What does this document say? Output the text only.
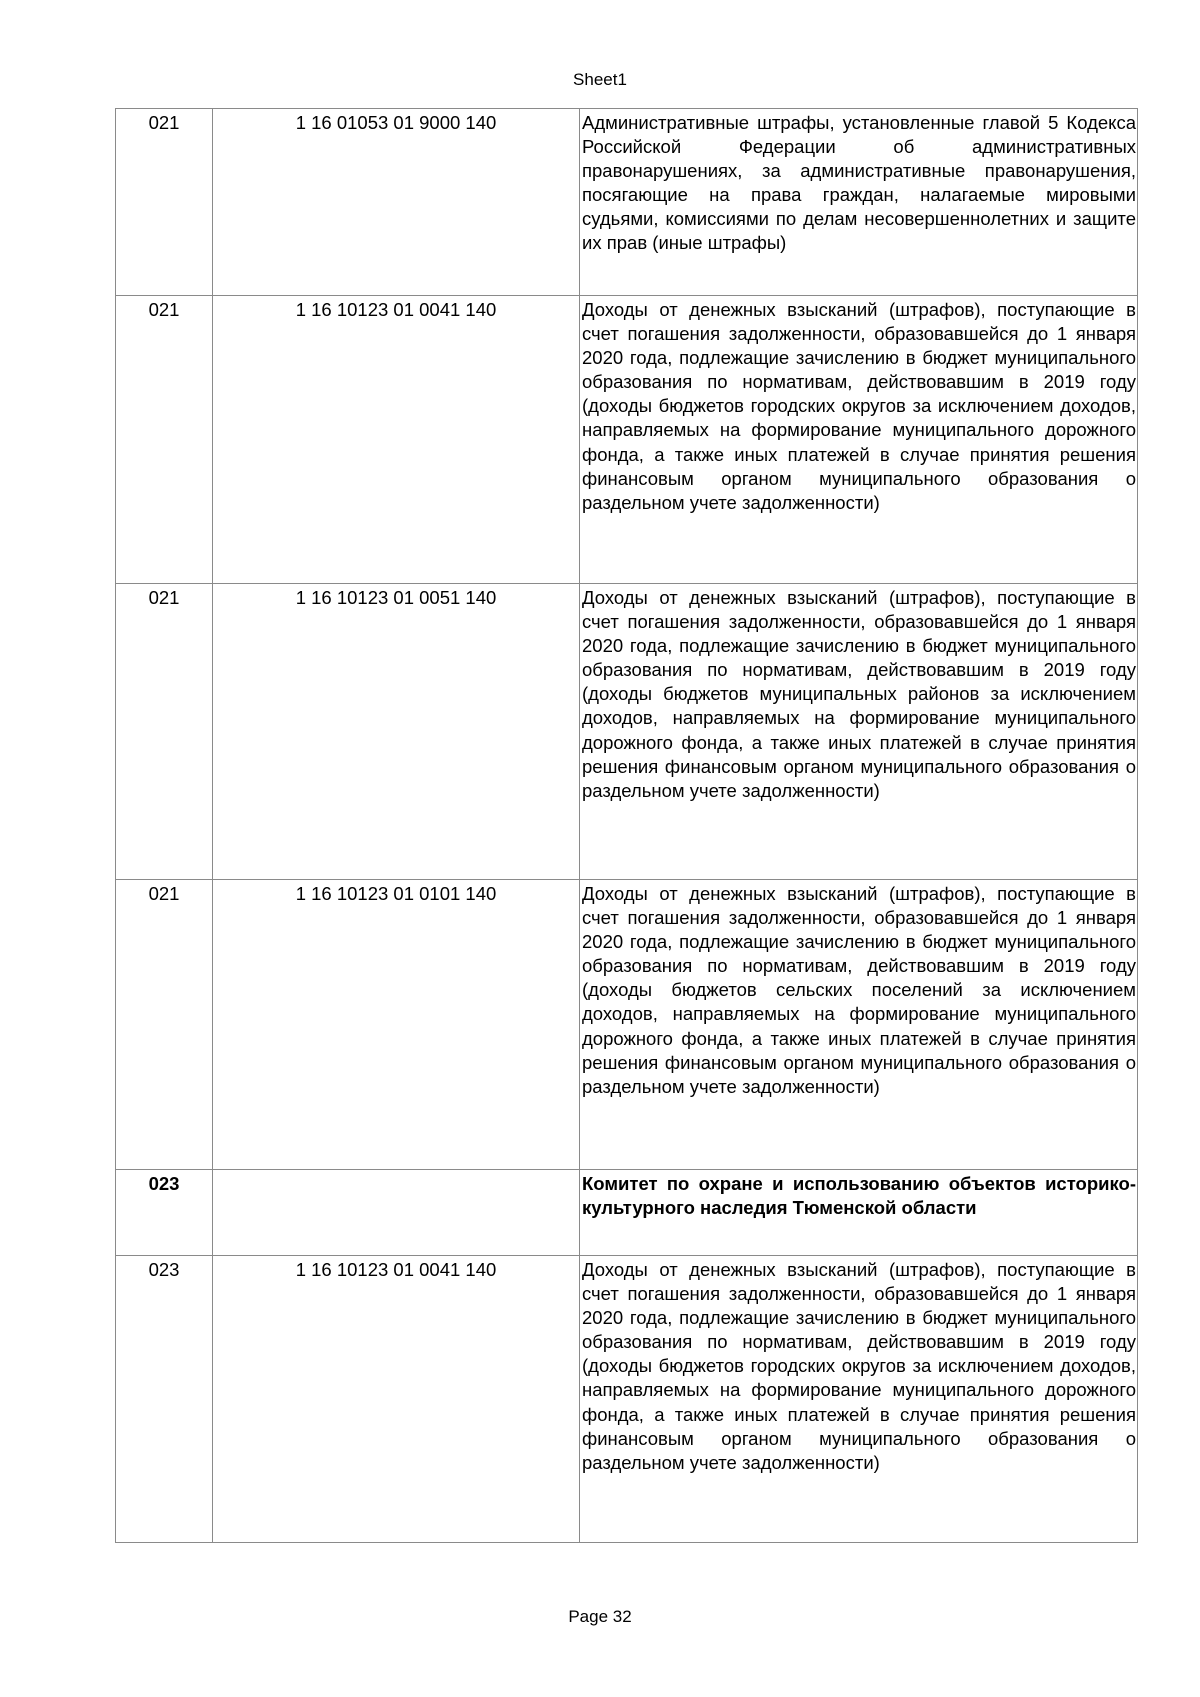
Sheet1
021	1 16 01053 01 9000 140	Административные штрафы, установленные главой 5 Кодекса Российской Федерации об административных правонарушениях, за административные правонарушения, посягающие на права граждан, налагаемые мировыми судьями, комиссиями по делам несовершеннолетних и защите их прав (иные штрафы)
021	1 16 10123 01 0041 140	Доходы от денежных взысканий (штрафов), поступающие в счет погашения задолженности, образовавшейся до 1 января 2020 года, подлежащие зачислению в бюджет муниципального образования по нормативам, действовавшим в 2019 году (доходы бюджетов городских округов за исключением доходов, направляемых на формирование муниципального дорожного фонда, а также иных платежей в случае принятия решения финансовым органом муниципального образования о раздельном учете задолженности)
021	1 16 10123 01 0051 140	Доходы от денежных взысканий (штрафов), поступающие в счет погашения задолженности, образовавшейся до 1 января 2020 года, подлежащие зачислению в бюджет муниципального образования по нормативам, действовавшим в 2019 году (доходы бюджетов муниципальных районов за исключением доходов, направляемых на формирование муниципального дорожного фонда, а также иных платежей в случае принятия решения финансовым органом муниципального образования о раздельном учете задолженности)
021	1 16 10123 01 0101 140	Доходы от денежных взысканий (штрафов), поступающие в счет погашения задолженности, образовавшейся до 1 января 2020 года, подлежащие зачислению в бюджет муниципального образования по нормативам, действовавшим в 2019 году (доходы бюджетов сельских поселений за исключением доходов, направляемых на формирование муниципального дорожного фонда, а также иных платежей в случае принятия решения финансовым органом муниципального образования о раздельном учете задолженности)
023		Комитет по охране и использованию объектов историко-культурного наследия Тюменской области
023	1 16 10123 01 0041 140	Доходы от денежных взысканий (штрафов), поступающие в счет погашения задолженности, образовавшейся до 1 января 2020 года, подлежащие зачислению в бюджет муниципального образования по нормативам, действовавшим в 2019 году (доходы бюджетов городских округов за исключением доходов, направляемых на формирование муниципального дорожного фонда, а также иных платежей в случае принятия решения финансовым органом муниципального образования о раздельном учете задолженности)
Page 32
